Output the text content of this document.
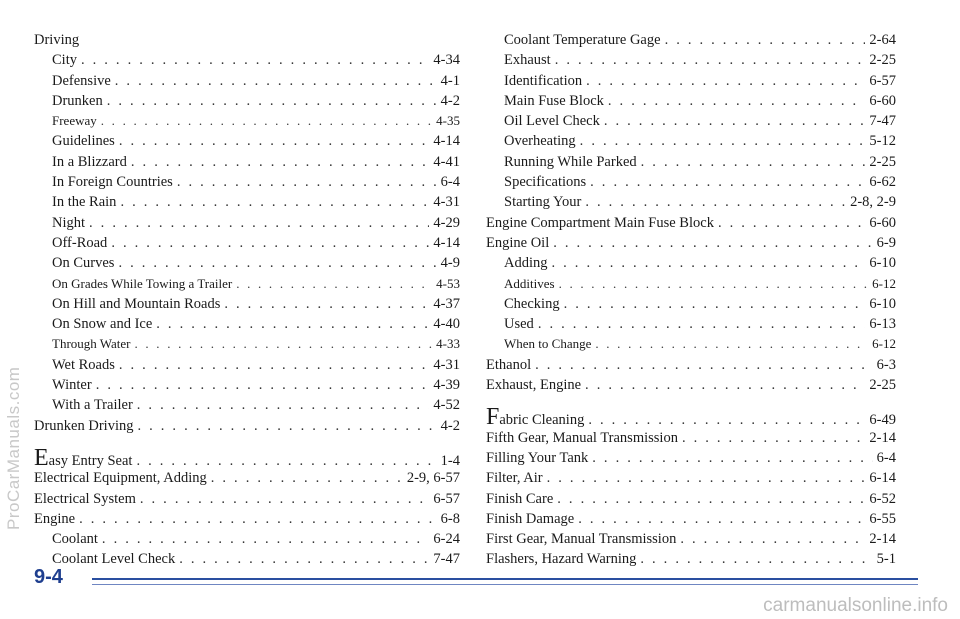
ProCarManuals.com
Driving
City . . .	4-34
Defensive . . .	4-1
Drunken . . .	4-2
Freeway . . .	4-35
Guidelines . . .	4-14
In a Blizzard . . .	4-41
In Foreign Countries . . .	6-4
In the Rain . . .	4-31
Night . . .	4-29
Off-Road . . .	4-14
On Curves . . .	4-9
On Grades While Towing a Trailer . . .	4-53
On Hill and Mountain Roads . . .	4-37
On Snow and Ice . . .	4-40
Through Water . . .	4-33
Wet Roads . . .	4-31
Winter . . .	4-39
With a Trailer . . .	4-52
Drunken Driving . . .	4-2
Easy Entry Seat . . .	1-4
Electrical Equipment, Adding . . .	2-9, 6-57
Electrical System . . .	6-57
Engine . . .	6-8
Coolant . . .	6-24
Coolant Level Check . . .	7-47
Coolant Temperature Gage . . .	2-64
Exhaust . . .	2-25
Identification . . .	6-57
Main Fuse Block . . .	6-60
Oil Level Check . . .	7-47
Overheating . . .	5-12
Running While Parked . . .	2-25
Specifications . . .	6-62
Starting Your . . .	2-8, 2-9
Engine Compartment Main Fuse Block . . .	6-60
Engine Oil . . .	6-9
Adding . . .	6-10
Additives . . .	6-12
Checking . . .	6-10
Used . . .	6-13
When to Change . . .	6-12
Ethanol . . .	6-3
Exhaust, Engine . . .	2-25
Fabric Cleaning . . .	6-49
Fifth Gear, Manual Transmission . . .	2-14
Filling Your Tank . . .	6-4
Filter, Air . . .	6-14
Finish Care . . .	6-52
Finish Damage . . .	6-55
First Gear, Manual Transmission . . .	2-14
Flashers, Hazard Warning . . .	5-1
9-4
carmanualsonline.info
